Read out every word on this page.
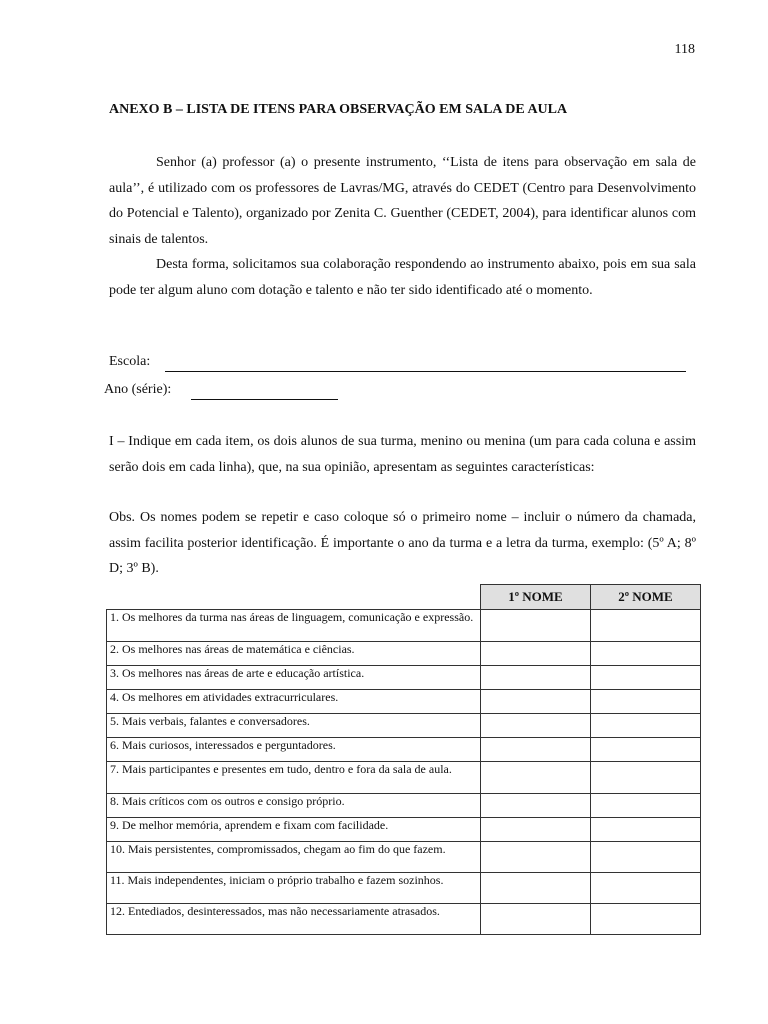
118
ANEXO B – LISTA DE ITENS PARA OBSERVAÇÃO EM SALA DE AULA

Senhor (a) professor (a) o presente instrumento, ‘‘Lista de itens para observação em sala de aula’’, é utilizado com os professores de Lavras/MG, através do CEDET (Centro para Desenvolvimento do Potencial e Talento), organizado por Zenita C. Guenther (CEDET, 2004), para identificar alunos com sinais de talentos.

Desta forma, solicitamos sua colaboração respondendo ao instrumento abaixo, pois em sua sala pode ter algum aluno com dotação e talento e não ter sido identificado até o momento.

Escola:
Ano (série):

I – Indique em cada item, os dois alunos de sua turma, menino ou menina (um para cada coluna e assim serão dois em cada linha), que, na sua opinião, apresentam as seguintes características:

Obs. Os nomes podem se repetir e caso coloque só o primeiro nome – incluir o número da chamada, assim facilita posterior identificação. É importante o ano da turma e a letra da turma, exemplo: (5º A; 8º D; 3º B).

	1º NOME	2º NOME

1. Os melhores da turma nas áreas de linguagem, comunicação e expressão.		

2. Os melhores nas áreas de matemática e ciências.		

3. Os melhores nas áreas de arte e educação artística.		

4. Os melhores em atividades extracurriculares.		

5. Mais verbais, falantes e conversadores.		

6. Mais curiosos, interessados e perguntadores.		

7. Mais participantes e presentes em tudo, dentro e fora da sala de aula.		

8. Mais críticos com os outros e consigo próprio.		

9. De melhor memória, aprendem e fixam com facilidade.		

10. Mais persistentes, compromissados, chegam ao fim do que fazem.		

11. Mais independentes, iniciam o próprio trabalho e fazem sozinhos.		

12. Entediados, desinteressados, mas não necessariamente atrasados.		
